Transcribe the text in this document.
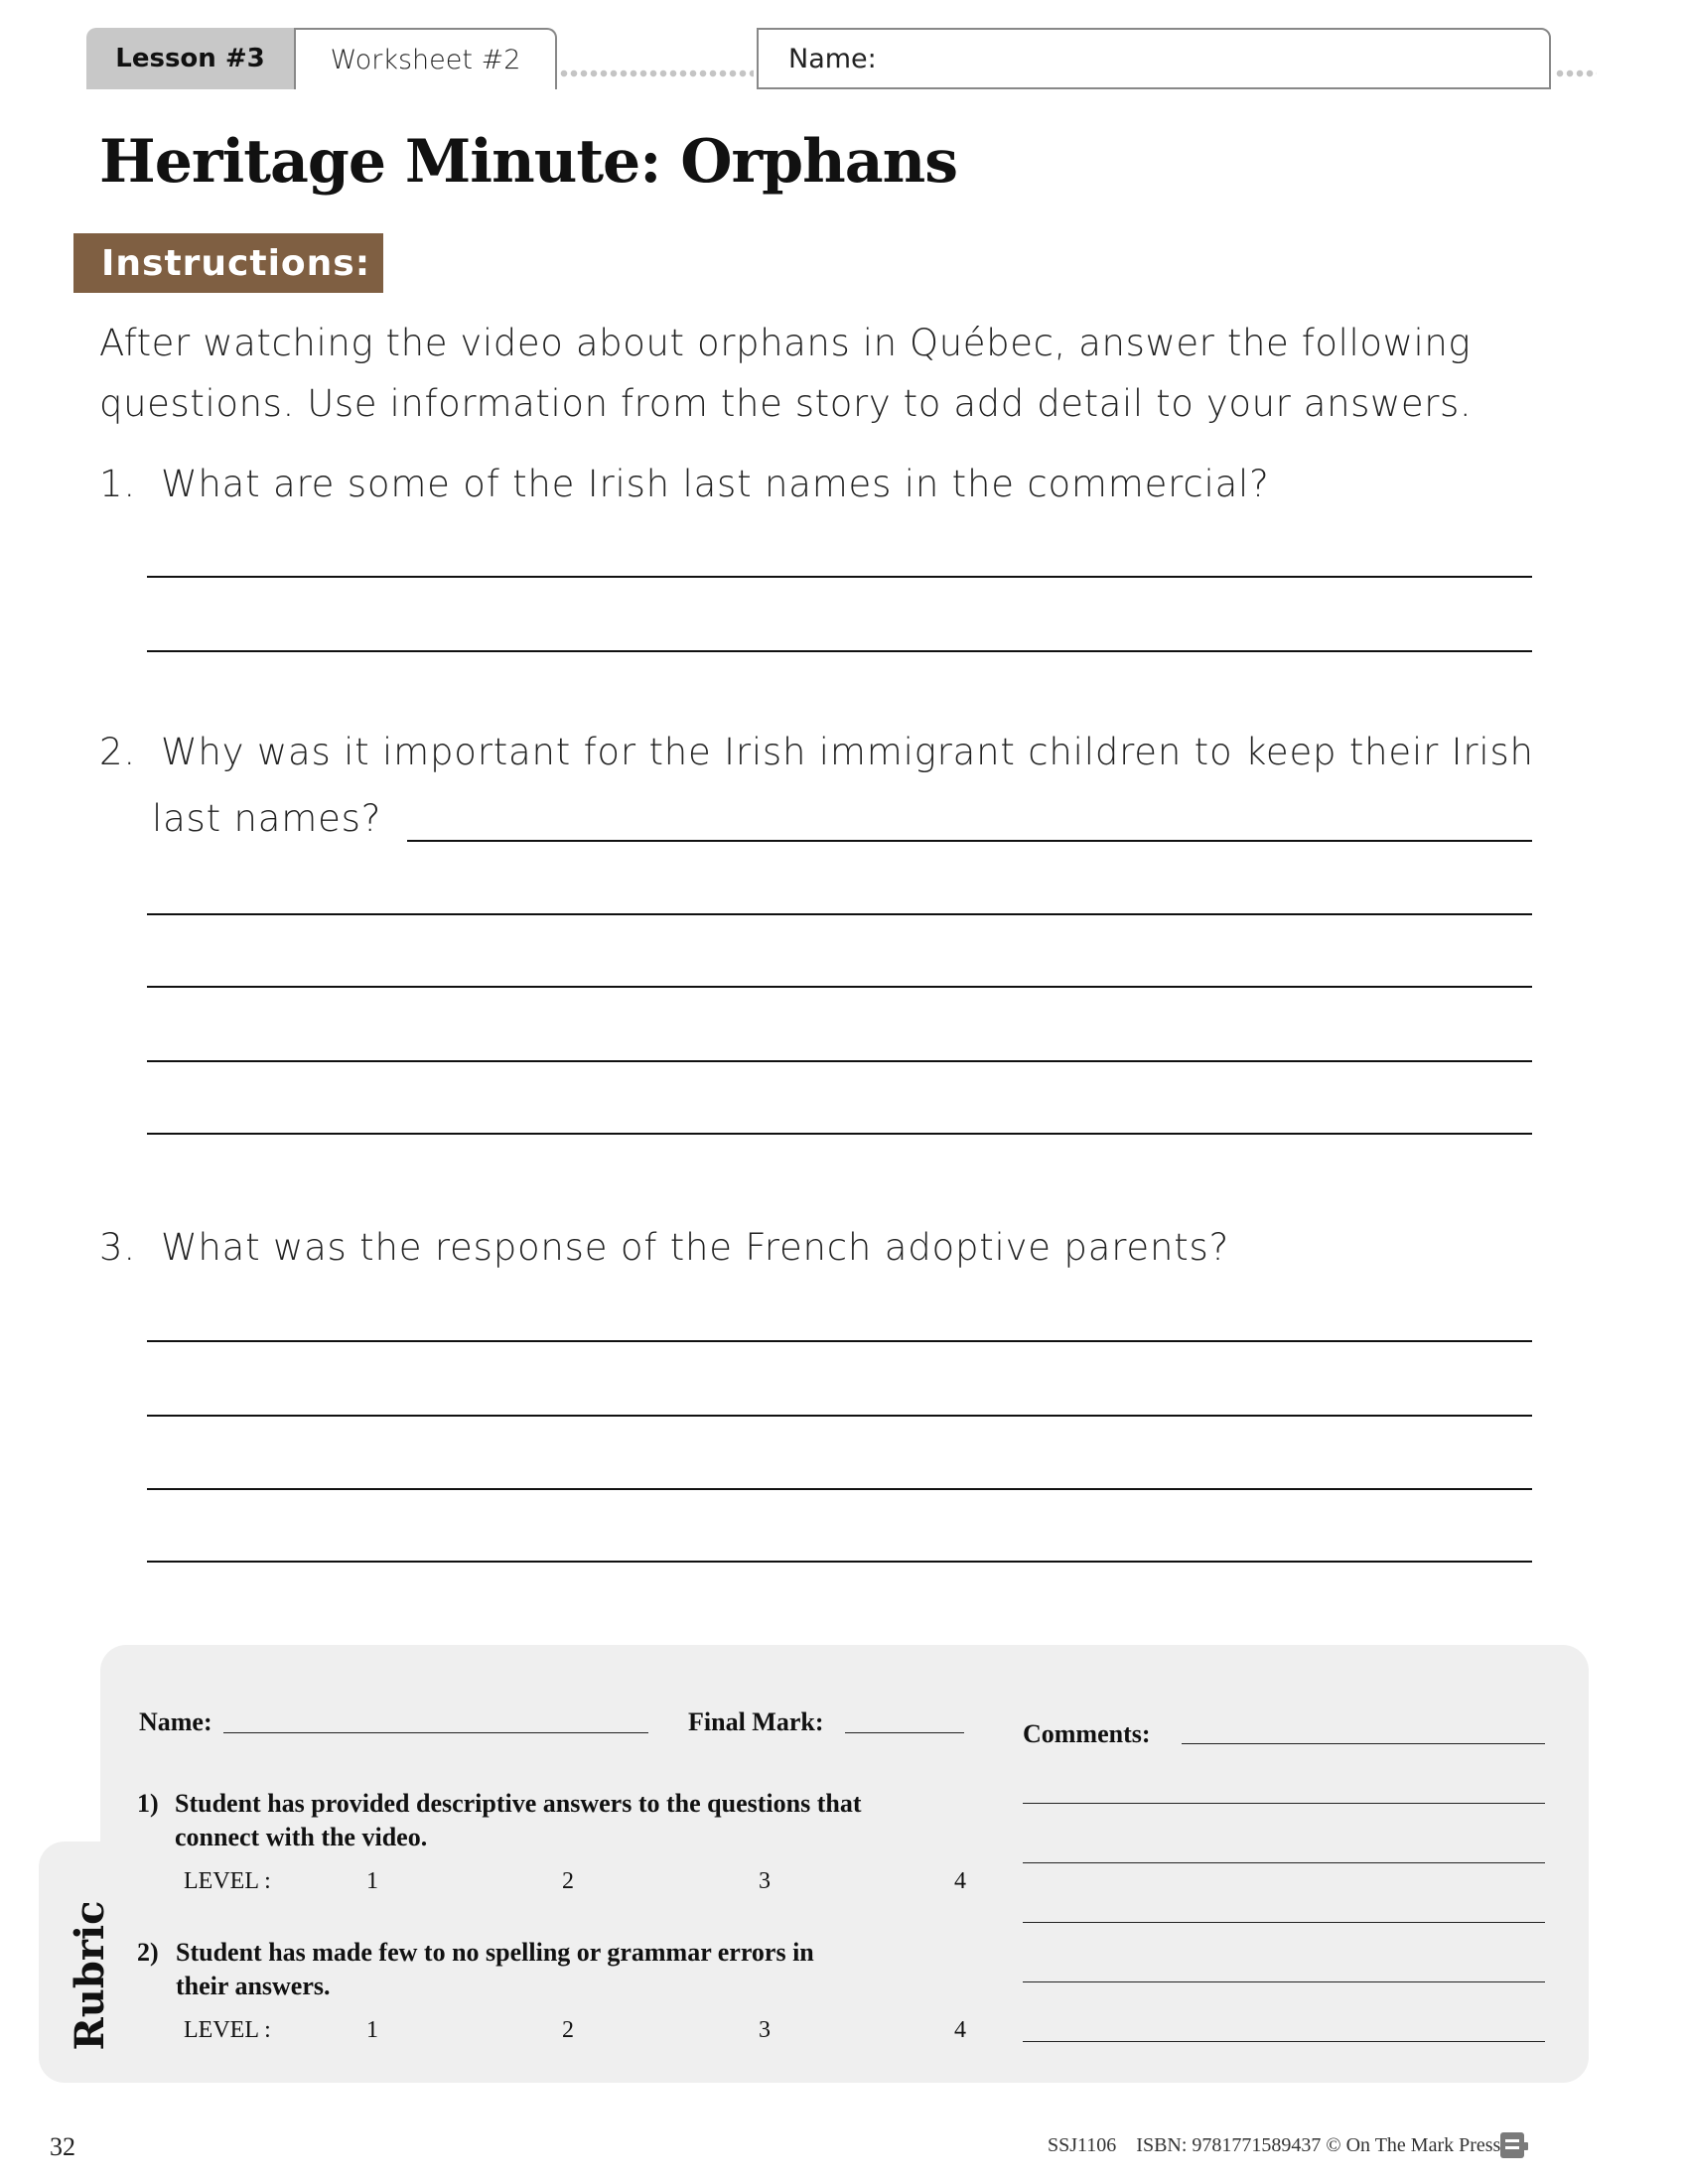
Lesson #3 Worksheet #2	Name:
Heritage Minute: Orphans
Instructions:
After watching the video about orphans in Québec, answer the following
questions. Use information from the story to add detail to your answers.
1. What are some of the Irish last names in the commercial?
2. Why was it important for the Irish immigrant children to keep their Irish
last names?
3. What was the response of the French adoptive parents?
Rubric
Name:	Final Mark:	Comments:
1) Student has provided descriptive answers to the questions that
connect with the video.
LEVEL :	1	2	3	4
2) Student has made few to no spelling or grammar errors in
their answers.
LEVEL :	1	2	3	4
32	SSJ1106    ISBN: 9781771589437 © On The Mark Press
